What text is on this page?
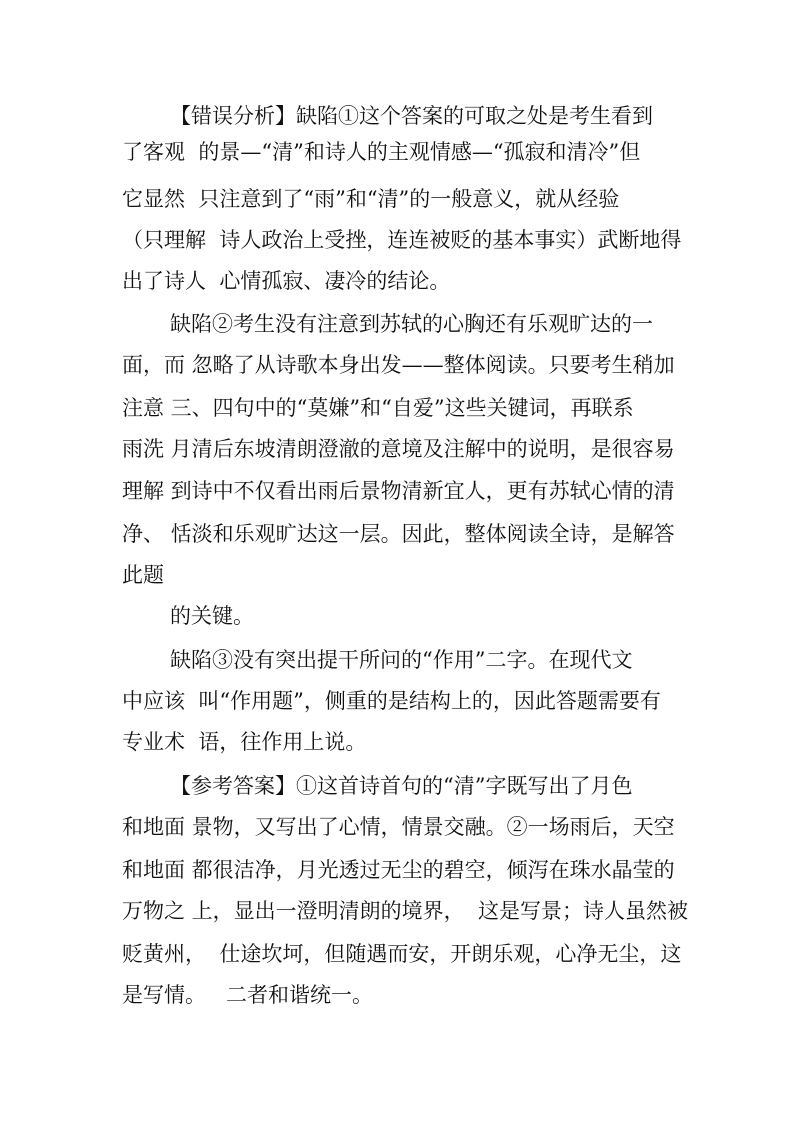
【错误分析】缺陷①这个答案的可取之处是考生看到

了客观  的景—“清”和诗人的主观情感—“孤寂和清冷”但

它显然  只注意到了“雨”和“清”的一般意义，就从经验

（只理解  诗人政治上受挫，连连被贬的基本事实）武断地得

出了诗人  心情孤寂、凄冷的结论。

缺陷②考生没有注意到苏轼的心胸还有乐观旷达的一

面，而 忽略了从诗歌本身出发——整体阅读。只要考生稍加

注意 三、四句中的“莫嫌”和“自爱”这些关键词，再联系

雨洗 月清后东坡清朗澄澈的意境及注解中的说明，是很容易

理解 到诗中不仅看出雨后景物清新宜人，更有苏轼心情的清

净、 恬淡和乐观旷达这一层。因此，整体阅读全诗，是解答

此题

的关键。

缺陷③没有突出提干所问的“作用”二字。在现代文

中应该  叫“作用题”，侧重的是结构上的，因此答题需要有

专业术  语，往作用上说。

【参考答案】①这首诗首句的“清”字既写出了月色

和地面 景物，又写出了心情，情景交融。②一场雨后，天空

和地面 都很洁净，月光透过无尘的碧空，倾泻在珠水晶莹的

万物之 上，显出一澄明清朗的境界，  这是写景；诗人虽然被

贬黄州，  仕途坎坷，但随遇而安，开朗乐观，心净无尘，这

是写情。   二者和谐统一。
